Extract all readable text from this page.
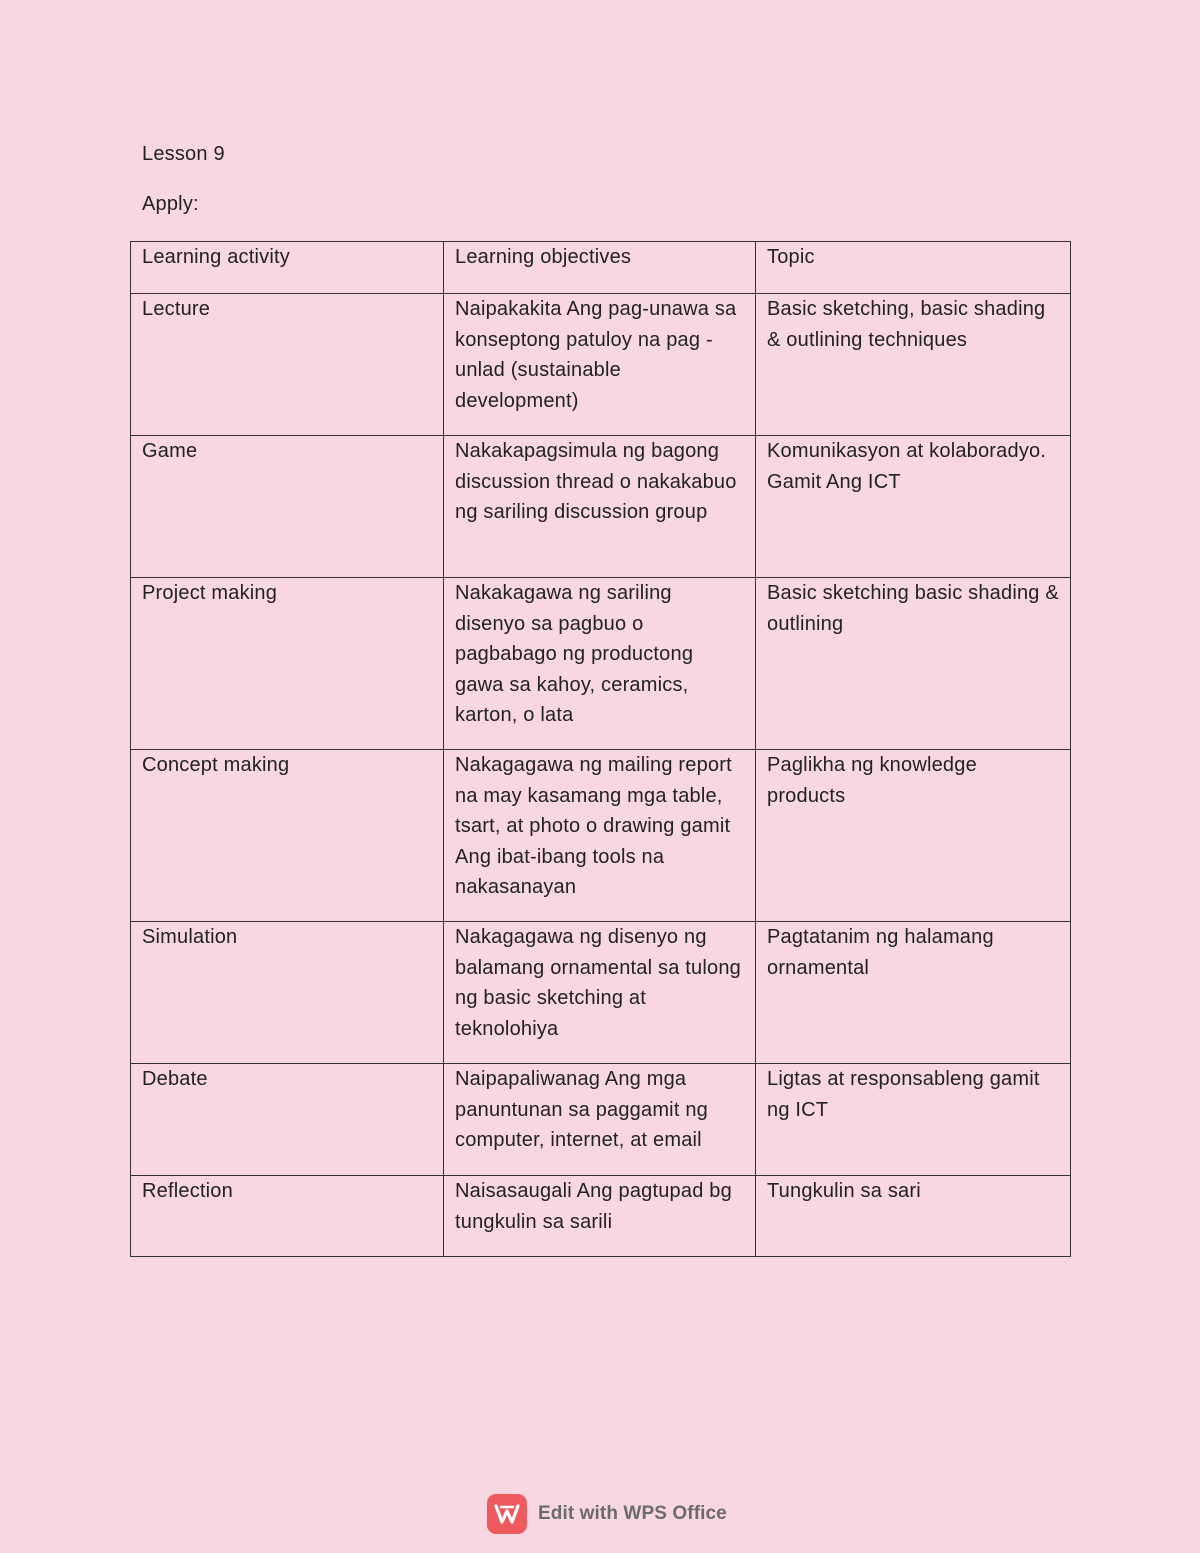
Lesson 9
Apply:
Learning activity	Learning objectives	Topic
Lecture	Naipakakita Ang pag-unawa sa konseptong patuloy na pag -unlad (sustainable development)	Basic sketching, basic shading & outlining techniques
Game	Nakakapagsimula ng bagong discussion thread o nakakabuo ng sariling discussion group	Komunikasyon at kolaboradyo. Gamit Ang ICT
Project making	Nakakagawa ng sariling disenyo sa pagbuo o pagbabago ng productong gawa sa kahoy, ceramics, karton, o lata	Basic sketching basic shading & outlining
Concept making	Nakagagawa ng mailing report na may kasamang mga table, tsart, at photo o drawing gamit Ang ibat-ibang tools na nakasanayan	Paglikha ng knowledge products
Simulation	Nakagagawa ng disenyo ng balamang ornamental sa tulong ng basic sketching at teknolohiya	Pagtatanim ng halamang ornamental
Debate	Naipapaliwanag Ang mga panuntunan sa paggamit ng computer, internet, at email	Ligtas at responsableng gamit ng ICT
Reflection	Naisasaugali Ang pagtupad bg tungkulin sa sarili	Tungkulin sa sari
Edit with WPS Office
